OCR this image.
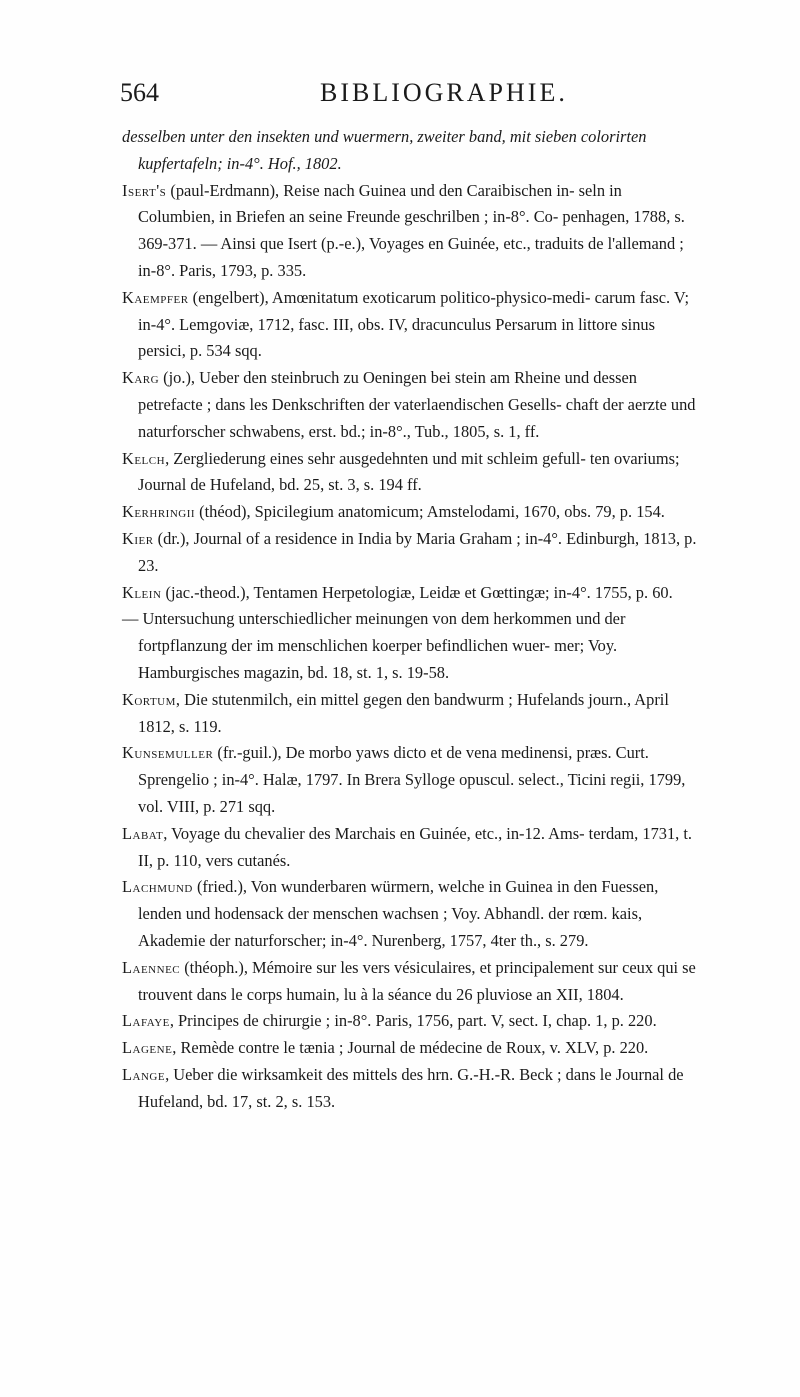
564	BIBLIOGRAPHIE.

desselben unter den insekten und wuermern, zweiter band, mit sieben colorirten kupfertafeln; in-4°. Hof., 1802.

Isert's (paul-Erdmann), Reise nach Guinea und den Caraibischen in- seln in Columbien, in Briefen an seine Freunde geschrilben ; in-8°. Co- penhagen, 1788, s. 369-371. — Ainsi que Isert (p.-e.), Voyages en Guinée, etc., traduits de l'allemand ; in-8°. Paris, 1793, p. 335.

Kaempfer (engelbert), Amœnitatum exoticarum politico-physico-medi- carum fasc. V; in-4°. Lemgoviæ, 1712, fasc. III, obs. IV, dracunculus Persarum in littore sinus persici, p. 534 sqq.

Karg (jo.), Ueber den steinbruch zu Oeningen bei stein am Rheine und dessen petrefacte ; dans les Denkschriften der vaterlaendischen Gesells- chaft der aerzte und naturforscher schwabens, erst. bd.; in-8°., Tub., 1805, s. 1, ff.

Kelch, Zergliederung eines sehr ausgedehnten und mit schleim gefull- ten ovariums; Journal de Hufeland, bd. 25, st. 3, s. 194 ff.

Kerhringii (théod), Spicilegium anatomicum; Amstelodami, 1670, obs. 79, p. 154.

Kier (dr.), Journal of a residence in India by Maria Graham ; in-4°. Edinburgh, 1813, p. 23.

Klein (jac.-theod.), Tentamen Herpetologiæ, Leidæ et Gœttingæ; in-4°. 1755, p. 60.

— Untersuchung unterschiedlicher meinungen von dem herkommen und der fortpflanzung der im menschlichen koerper befindlichen wuer- mer; Voy. Hamburgisches magazin, bd. 18, st. 1, s. 19-58.

Kortum, Die stutenmilch, ein mittel gegen den bandwurm ; Hufelands journ., April 1812, s. 119.

Kunsemuller (fr.-guil.), De morbo yaws dicto et de vena medinensi, præs. Curt. Sprengelio ; in-4°. Halæ, 1797. In Brera Sylloge opuscul. select., Ticini regii, 1799, vol. VIII, p. 271 sqq.

Labat, Voyage du chevalier des Marchais en Guinée, etc., in-12. Ams- terdam, 1731, t. II, p. 110, vers cutanés.

Lachmund (fried.), Von wunderbaren würmern, welche in Guinea in den Fuessen, lenden und hodensack der menschen wachsen ; Voy. Abhandl. der rœm. kais, Akademie der naturforscher; in-4°. Nurenberg, 1757, 4ter th., s. 279.

Laennec (théoph.), Mémoire sur les vers vésiculaires, et principalement sur ceux qui se trouvent dans le corps humain, lu à la séance du 26 pluviose an XII, 1804.

Lafaye, Principes de chirurgie ; in-8°. Paris, 1756, part. V, sect. I, chap. 1, p. 220.

Lagene, Remède contre le tænia ; Journal de médecine de Roux, v. XLV, p. 220.

Lange, Ueber die wirksamkeit des mittels des hrn. G.-H.-R. Beck ; dans le Journal de Hufeland, bd. 17, st. 2, s. 153.
